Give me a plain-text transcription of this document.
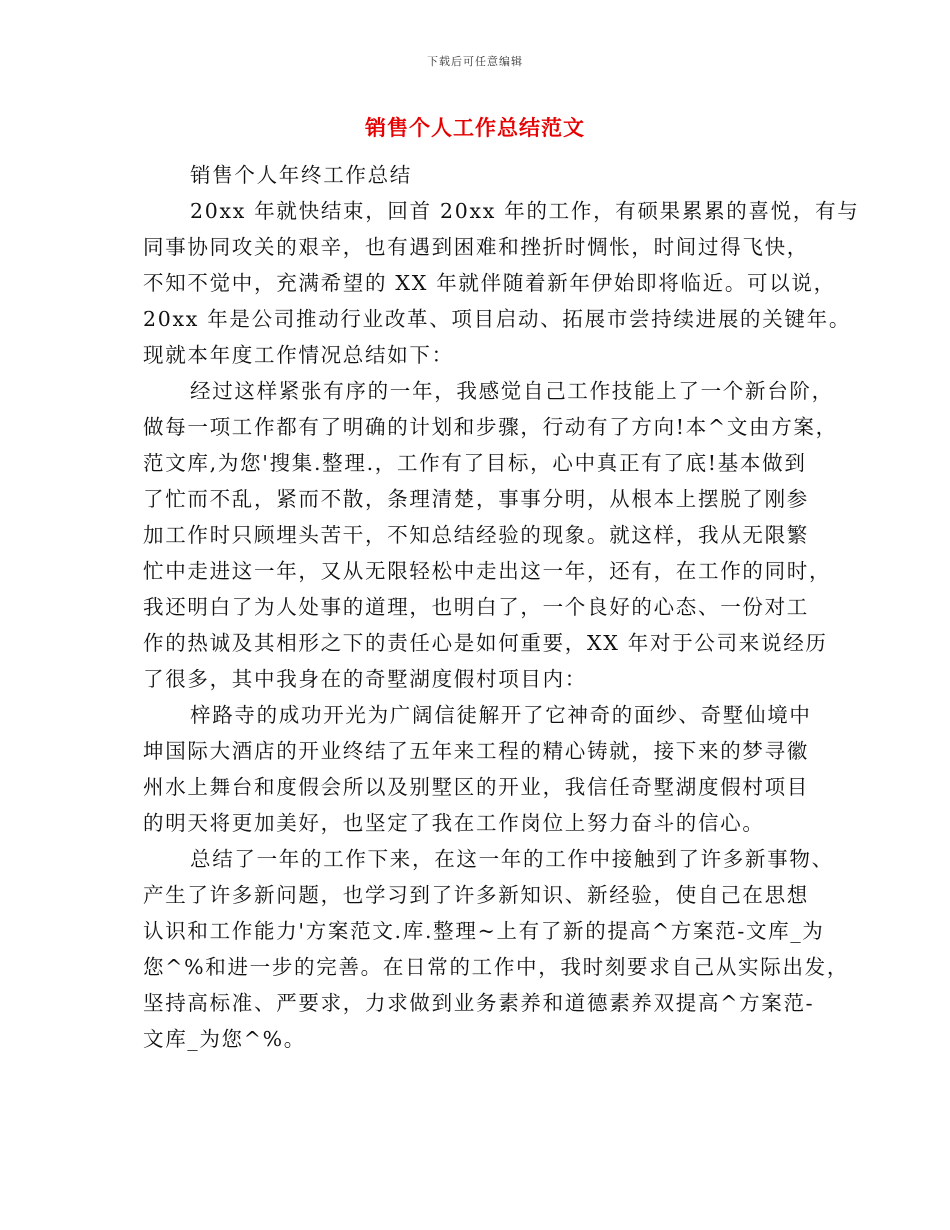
下载后可任意编辑
销售个人工作总结范文
销售个人年终工作总结
20xx 年就快结束，回首 20xx 年的工作，有硕果累累的喜悦，有与
同事协同攻关的艰辛，也有遇到困难和挫折时惆怅，时间过得飞快，
不知不觉中，充满希望的 XX 年就伴随着新年伊始即将临近。可以说，
20xx 年是公司推动行业改革、项目启动、拓展市尝持续进展的关键年。
现就本年度工作情况总结如下：
经过这样紧张有序的一年，我感觉自己工作技能上了一个新台阶，
做每一项工作都有了明确的计划和步骤，行动有了方向!本^文由方案，
范文库,为您'搜集.整理.，工作有了目标，心中真正有了底!基本做到
了忙而不乱，紧而不散，条理清楚，事事分明，从根本上摆脱了刚参
加工作时只顾埋头苦干，不知总结经验的现象。就这样，我从无限繁
忙中走进这一年，又从无限轻松中走出这一年，还有，在工作的同时，
我还明白了为人处事的道理，也明白了，一个良好的心态、一份对工
作的热诚及其相形之下的责任心是如何重要，XX 年对于公司来说经历
了很多，其中我身在的奇墅湖度假村项目内：
梓路寺的成功开光为广阔信徒解开了它神奇的面纱、奇墅仙境中
坤国际大酒店的开业终结了五年来工程的精心铸就，接下来的梦寻徽
州水上舞台和度假会所以及别墅区的开业，我信任奇墅湖度假村项目
的明天将更加美好，也坚定了我在工作岗位上努力奋斗的信心。
总结了一年的工作下来，在这一年的工作中接触到了许多新事物、
产生了许多新问题，也学习到了许多新知识、新经验，使自己在思想
认识和工作能力'方案范文.库.整理~上有了新的提高^方案范-文库_为
您^%和进一步的完善。在日常的工作中，我时刻要求自己从实际出发，
坚持高标准、严要求，力求做到业务素养和道德素养双提高^方案范-
文库_为您^%。
